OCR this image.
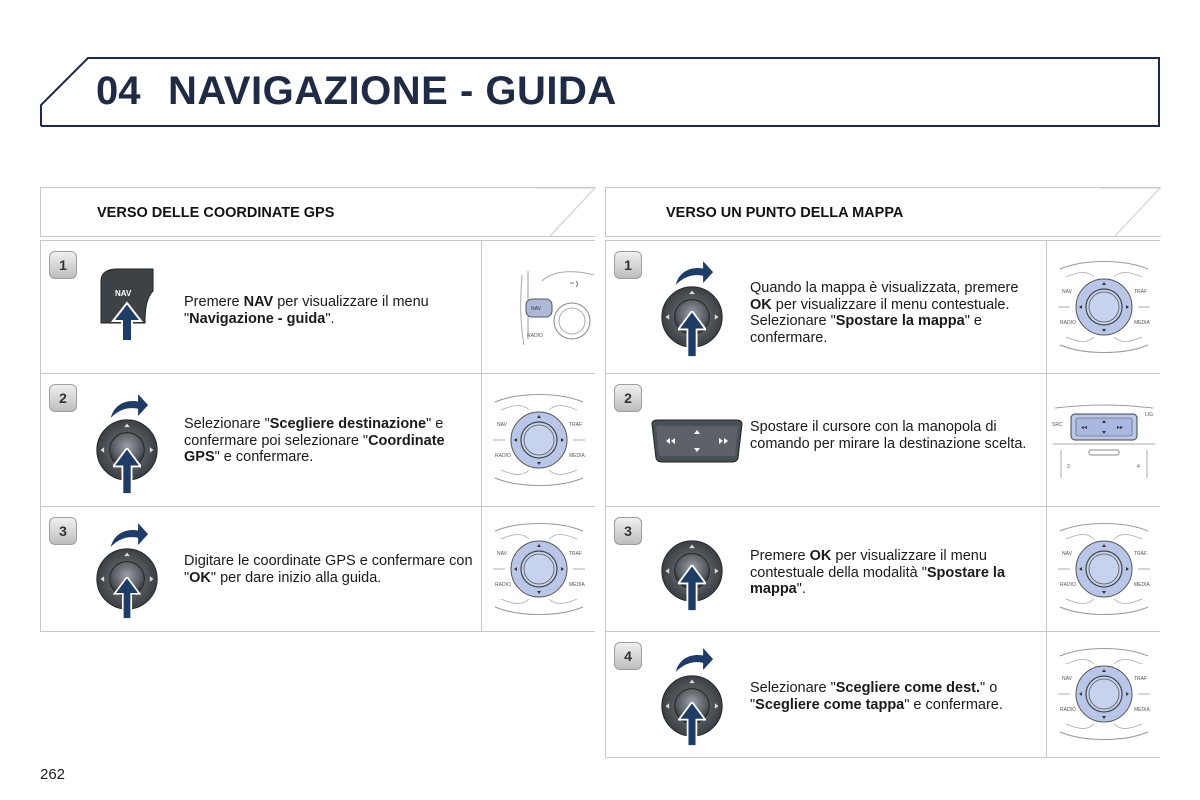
04 NAVIGAZIONE - GUIDA
VERSO DELLE COORDINATE GPS	VERSO UN PUNTO DELLA MAPPA
1
NAV
Premere NAV per visualizzare il menu "Navigazione - guida".
NAV
RADIO
2
Selezionare "Scegliere destinazione" e confermare poi selezionare "Coordinate GPS" e confermare.
NAV	TRAF
RADIO	MEDIA
3
Digitare le coordinate GPS e confermare con "OK" per dare inizio alla guida.
NAV	TRAF
RADIO	MEDIA
1
Quando la mappa è visualizzata, premere OK per visualizzare il menu contestuale. Selezionare "Spostare la mappa" e confermare.
NAV	TRAF
RADIO	MEDIA
2
Spostare il cursore con la manopola di comando per mirare la destinazione scelta.
◂◂	▸▸
SRC
LIG
3	4
3
Premere OK per visualizzare il menu contestuale della modalità "Spostare la mappa".
NAV	TRAF
RADIO	MEDIA
4
Selezionare "Scegliere come dest." o "Scegliere come tappa" e confermare.
NAV	TRAF
RADIO	MEDIA
262
